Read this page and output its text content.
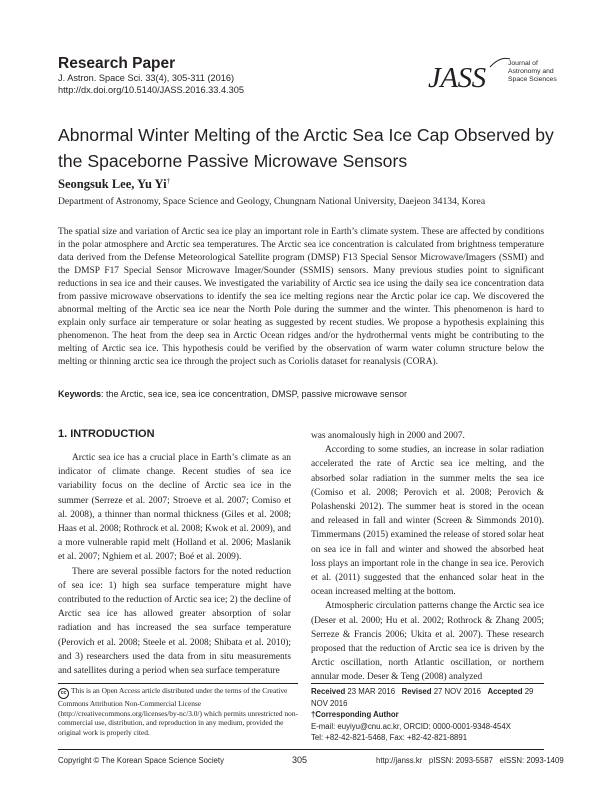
Research Paper
J. Astron. Space Sci. 33(4), 305-311 (2016)
http://dx.doi.org/10.5140/JASS.2016.33.4.305	JASS	Journal of
Astronomy and
Space Sciences
Abnormal Winter Melting of the Arctic Sea Ice Cap Observed by the Spaceborne Passive Microwave Sensors
Seongsuk Lee, Yu Yi†
Department of Astronomy, Space Science and Geology, Chungnam National University, Daejeon 34134, Korea
The spatial size and variation of Arctic sea ice play an important role in Earth’s climate system. These are affected by conditions in the polar atmosphere and Arctic sea temperatures. The Arctic sea ice concentration is calculated from brightness temperature data derived from the Defense Meteorological Satellite program (DMSP) F13 Special Sensor Microwave/Imagers (SSMI) and the DMSP F17 Special Sensor Microwave Imager/Sounder (SSMIS) sensors. Many previous studies point to significant reductions in sea ice and their causes. We investigated the variability of Arctic sea ice using the daily sea ice concentration data from passive microwave observations to identify the sea ice melting regions near the Arctic polar ice cap. We discovered the abnormal melting of the Arctic sea ice near the North Pole during the summer and the winter. This phenomenon is hard to explain only surface air temperature or solar heating as suggested by recent studies. We propose a hypothesis explaining this phenomenon. The heat from the deep sea in Arctic Ocean ridges and/or the hydrothermal vents might be contributing to the melting of Arctic sea ice. This hypothesis could be verified by the observation of warm water column structure below the melting or thinning arctic sea ice through the project such as Coriolis dataset for reanalysis (CORA).
Keywords: the Arctic, sea ice, sea ice concentration, DMSP, passive microwave sensor
1. INTRODUCTION

Arctic sea ice has a crucial place in Earth’s climate as an indicator of climate change. Recent studies of sea ice variability focus on the decline of Arctic sea ice in the summer (Serreze et al. 2007; Stroeve et al. 2007; Comiso et al. 2008), a thinner than normal thickness (Giles et al. 2008; Haas et al. 2008; Rothrock et al. 2008; Kwok et al. 2009), and a more vulnerable rapid melt (Holland et al. 2006; Maslanik et al. 2007; Nghiem et al. 2007; Boé et al. 2009).

There are several possible factors for the noted reduction of sea ice: 1) high sea surface temperature might have contributed to the reduction of Arctic sea ice; 2) the decline of Arctic sea ice has allowed greater absorption of solar radiation and has increased the sea surface temperature (Perovich et al. 2008; Steele et al. 2008; Shibata et al. 2010); and 3) researchers used the data from in situ measurements and satellites during a period when sea surface temperature

was anomalously high in 2000 and 2007.

According to some studies, an increase in solar radiation accelerated the rate of Arctic sea ice melting, and the absorbed solar radiation in the summer melts the sea ice (Comiso et al. 2008; Perovich et al. 2008; Perovich & Polashenski 2012). The summer heat is stored in the ocean and released in fall and winter (Screen & Simmonds 2010). Timmermans (2015) examined the release of stored solar heat on sea ice in fall and winter and showed the absorbed heat loss plays an important role in the change in sea ice. Perovich et al. (2011) suggested that the enhanced solar heat in the ocean increased melting at the bottom.

Atmospheric circulation patterns change the Arctic sea ice (Deser et al. 2000; Hu et al. 2002; Rothrock & Zhang 2005; Serreze & Francis 2006; Ukita et al. 2007). These research proposed that the reduction of Arctic sea ice is driven by the Arctic oscillation, north Atlantic oscillation, or northern annular mode. Deser & Teng (2008) analyzed

cc This is an Open Access article distributed under the terms of the Creative Commons Attribution Non-Commercial License (http://creativecommons.org/licenses/by-nc/3.0/) which permits unrestricted non-commercial use, distribution, and reproduction in any medium, provided the original work is properly cited.
Received 23 MAR 2016 Revised 27 NOV 2016 Accepted 29 NOV 2016
†Corresponding Author
E-mail: euyiyu@cnu.ac.kr, ORCID: 0000-0001-9348-454X
Tel: +82-42-821-5468, Fax: +82-42-821-8891
Copyright © The Korean Space Science Society	305	http://janss.kr   pISSN: 2093-5587   eISSN: 2093-1409
